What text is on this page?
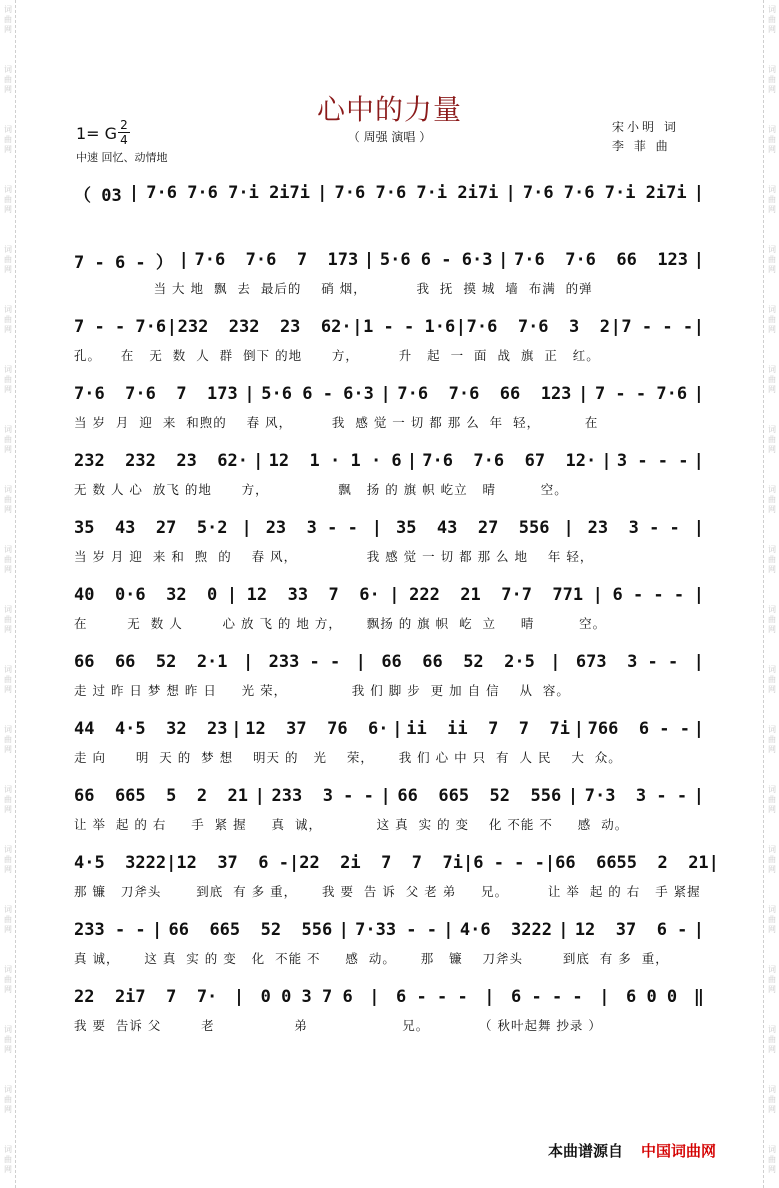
词
曲
网
词
曲
网
词
曲
网
词
曲
网
词
曲
网
词
曲
网
词
曲
网
词
曲
网
词
曲
网
词
曲
网
词
曲
网
词
曲
网
词
曲
网
词
曲
网
词
曲
网
词
曲
网
词
曲
网
词
曲
网
词
曲
网
词
曲
网
词
曲
网
词
曲
网
词
曲
网
词
曲
网
词
曲
网
词
曲
网
词
曲
网
词
曲
网
词
曲
网
词
曲
网
词
曲
网
词
曲
网
词
曲
网
词
曲
网
词
曲
网
词
曲
网
词
曲
网
词
曲
网
词
曲
网
词
曲
网
心中的力量
（ 周强 演唱 ）
1= G 2
4
中速 回忆、动情地
宋小明 词
李 菲 曲
（ 03 | 7·6 7·6 7·i 2i7i | 7·6 7·6 7·i 2i7i | 7·6 7·6 7·i 2i7i |
7 - 6 - ） | 7·6  7·6  7  173 | 5·6 6 - 6·3 | 7·6  7·6  66  123 |
当 大 地  飘  去  最后的    硝 烟，          我  抚  摸 城  墙  布满  的弹
7 - - 7·6 | 232  232  23  62· | 1 - - 1·6 | 7·6  7·6  3  2 | 7 - - - |
孔。    在   无  数  人  群  倒下 的地      方，        升   起  一  面  战  旗  正   红。
7·6  7·6  7  173 | 5·6 6 - 6·3 | 7·6  7·6  66  123 | 7 - - 7·6 |
当 岁  月  迎  来  和煦的    春 风，        我  感 觉 一 切 都 那 么  年  轻，         在
232  232  23  62· | 12  1 · 1 · 6 | 7·6  7·6  67  12· | 3 - - - |
无 数 人 心  放飞 的地      方，              飘   扬 的 旗 帜 屹立   晴         空。
35  43  27  5·2 | 23  3 - - | 35  43  27  556 | 23  3 - - |
当 岁 月 迎  来 和  煦  的    春 风，              我 感 觉 一 切 都 那 么 地    年 轻，
40  0·6  32  0 | 12  33  7  6· | 222  21  7·7  771 | 6 - - - |
在        无  数 人        心 放 飞 的 地 方，     飘扬 的 旗 帜  屹  立     晴         空。
66  66  52  2·1 | 233 - - | 66  66  52  2·5 | 673  3 - - |
走 过 昨 日 梦 想 昨 日     光 荣，             我 们 脚 步  更 加 自 信    从  容。
44  4·5  32  23 | 12  37  76  6· | ii  ii  7  7  7i | 766  6 - - |
走 向      明  天 的  梦 想    明天 的   光    荣，     我 们 心 中 只  有  人 民    大  众。
66  665  5  2  21 | 233  3 - - | 66  665  52  556 | 7·3  3 - - |
让 举  起 的 右     手  紧 握     真  诚，           这 真  实 的 变    化 不能 不     感  动。
4·5  3222 | 12  37  6 - | 22  2i  7  7  7i | 6 - - - | 66  6655  2  21 |
那 镰   刀斧头       到底  有 多 重，     我 要  告 诉  父 老 弟     兄。        让 举  起 的 右   手 紧握
233 - - | 66  665  52  556 | 7·33 - - | 4·6  3222 | 12  37  6 - |
真 诚，     这 真  实 的 变   化  不能 不     感  动。     那   镰    刀斧头        到底  有 多  重，
22  2i7  7  7· | 0 0 3 7 6 | 6 - - - | 6 - - - | 6 0 0 ‖
我 要  告诉 父        老                弟                   兄。          （ 秋叶起舞 抄录 ）
本曲谱源自 中国词曲网
